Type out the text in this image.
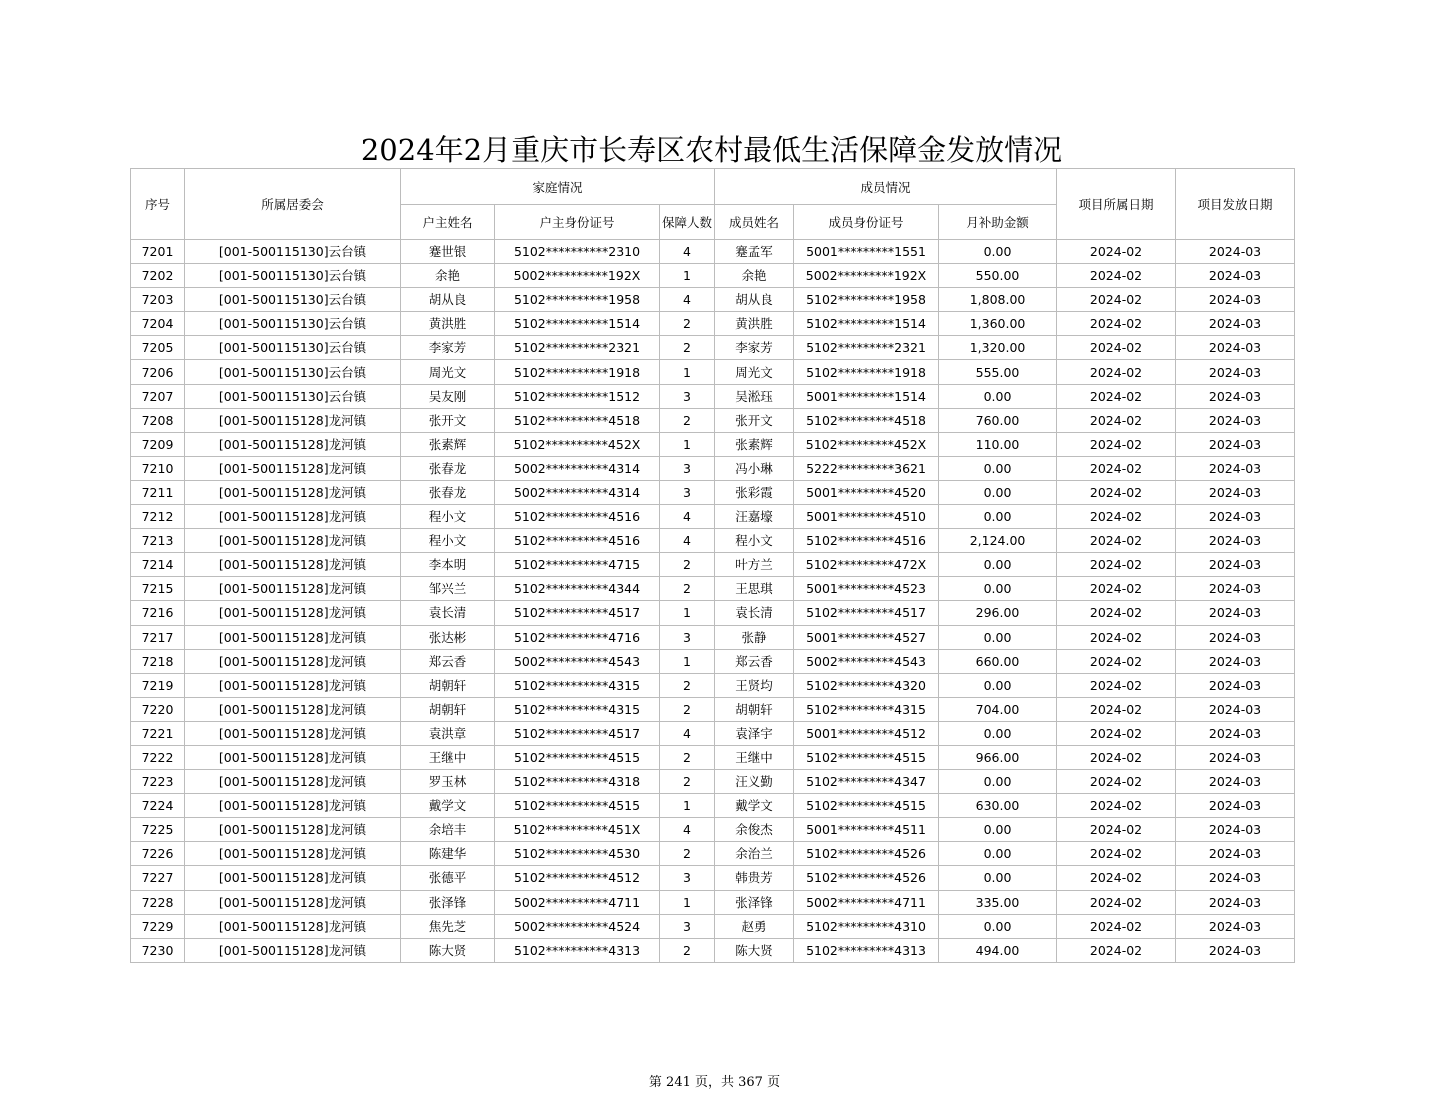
2024年2月重庆市长寿区农村最低生活保障金发放情况
序号	所属居委会	家庭情况			成员情况			项目所属日期	项目发放日期
		户主姓名	户主身份证号	保障人数	成员姓名	成员身份证号	月补助金额		
7201	[001-500115130]云台镇	蹇世银	5102**********2310	4	蹇孟军	5001*********1551	0.00	2024-02	2024-03
7202	[001-500115130]云台镇	余艳	5002**********192X	1	余艳	5002*********192X	550.00	2024-02	2024-03
7203	[001-500115130]云台镇	胡从良	5102**********1958	4	胡从良	5102*********1958	1,808.00	2024-02	2024-03
7204	[001-500115130]云台镇	黄洪胜	5102**********1514	2	黄洪胜	5102*********1514	1,360.00	2024-02	2024-03
7205	[001-500115130]云台镇	李家芳	5102**********2321	2	李家芳	5102*********2321	1,320.00	2024-02	2024-03
7206	[001-500115130]云台镇	周光文	5102**********1918	1	周光文	5102*********1918	555.00	2024-02	2024-03
7207	[001-500115130]云台镇	吴友刚	5102**********1512	3	吴淞珏	5001*********1514	0.00	2024-02	2024-03
7208	[001-500115128]龙河镇	张开文	5102**********4518	2	张开文	5102*********4518	760.00	2024-02	2024-03
7209	[001-500115128]龙河镇	张素辉	5102**********452X	1	张素辉	5102*********452X	110.00	2024-02	2024-03
7210	[001-500115128]龙河镇	张春龙	5002**********4314	3	冯小琳	5222*********3621	0.00	2024-02	2024-03
7211	[001-500115128]龙河镇	张春龙	5002**********4314	3	张彩霞	5001*********4520	0.00	2024-02	2024-03
7212	[001-500115128]龙河镇	程小文	5102**********4516	4	汪嘉壕	5001*********4510	0.00	2024-02	2024-03
7213	[001-500115128]龙河镇	程小文	5102**********4516	4	程小文	5102*********4516	2,124.00	2024-02	2024-03
7214	[001-500115128]龙河镇	李本明	5102**********4715	2	叶方兰	5102*********472X	0.00	2024-02	2024-03
7215	[001-500115128]龙河镇	邹兴兰	5102**********4344	2	王思琪	5001*********4523	0.00	2024-02	2024-03
7216	[001-500115128]龙河镇	袁长清	5102**********4517	1	袁长清	5102*********4517	296.00	2024-02	2024-03
7217	[001-500115128]龙河镇	张达彬	5102**********4716	3	张静	5001*********4527	0.00	2024-02	2024-03
7218	[001-500115128]龙河镇	郑云香	5002**********4543	1	郑云香	5002*********4543	660.00	2024-02	2024-03
7219	[001-500115128]龙河镇	胡朝轩	5102**********4315	2	王贤均	5102*********4320	0.00	2024-02	2024-03
7220	[001-500115128]龙河镇	胡朝轩	5102**********4315	2	胡朝轩	5102*********4315	704.00	2024-02	2024-03
7221	[001-500115128]龙河镇	袁洪章	5102**********4517	4	袁泽宇	5001*********4512	0.00	2024-02	2024-03
7222	[001-500115128]龙河镇	王继中	5102**********4515	2	王继中	5102*********4515	966.00	2024-02	2024-03
7223	[001-500115128]龙河镇	罗玉林	5102**********4318	2	汪义勤	5102*********4347	0.00	2024-02	2024-03
7224	[001-500115128]龙河镇	戴学文	5102**********4515	1	戴学文	5102*********4515	630.00	2024-02	2024-03
7225	[001-500115128]龙河镇	余培丰	5102**********451X	4	余俊杰	5001*********4511	0.00	2024-02	2024-03
7226	[001-500115128]龙河镇	陈建华	5102**********4530	2	余治兰	5102*********4526	0.00	2024-02	2024-03
7227	[001-500115128]龙河镇	张德平	5102**********4512	3	韩贵芳	5102*********4526	0.00	2024-02	2024-03
7228	[001-500115128]龙河镇	张泽锋	5002**********4711	1	张泽锋	5002*********4711	335.00	2024-02	2024-03
7229	[001-500115128]龙河镇	焦先芝	5002**********4524	3	赵勇	5102*********4310	0.00	2024-02	2024-03
7230	[001-500115128]龙河镇	陈大贤	5102**********4313	2	陈大贤	5102*********4313	494.00	2024-02	2024-03
第 241 页，共 367 页
